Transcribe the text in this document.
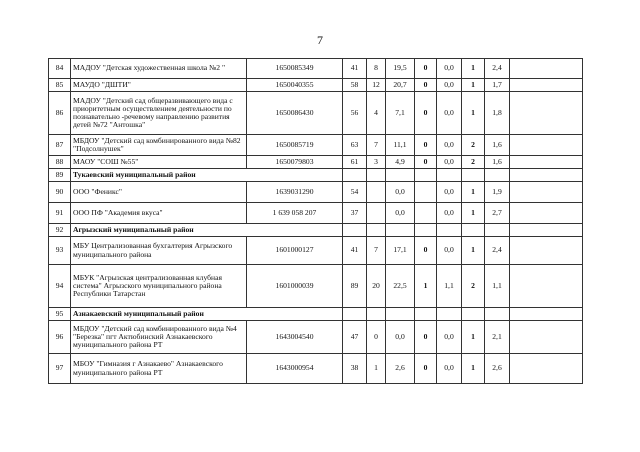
7
84	МАДОУ "Детская художественная школа №2 "	1650085349	41	8	19,5	0	0,0	1	2,4	
85	МАУДО "ДШТИ"	1650040355	58	12	20,7	0	0,0	1	1,7	
86	МАДОУ "Детский сад общеразвивающего вида с приоритетным осуществлением деятельности по познавательно -речевому направлению развития детей №72 "Антошка"	1650086430	56	4	7,1	0	0,0	1	1,8	
87	МБДОУ "Детский сад комбинированного вида №82 "Подсолнушек"	1650085719	63	7	11,1	0	0,0	2	1,6	
88	МАОУ "СОШ №55"	1650079803	61	3	4,9	0	0,0	2	1,6	
89	Тукаевский муниципальный район									
90	ООО "Феникс"	1639031290	54		0,0		0,0	1	1,9	
91	ООО ПФ "Академия вкуса"	1 639 058 207	37		0,0		0,0	1	2,7	
92	Агрызский муниципальный район									
93	МБУ Централизованная бухгалтерия Агрызского муниципального района	1601000127	41	7	17,1	0	0,0	1	2,4	
94	МБУК "Агрызская централизованная клубная система" Агрызского муниципального района Республики Татарстан	1601000039	89	20	22,5	1	1,1	2	1,1	
95	Азнакаевский муниципальный район									
96	МБДОУ "Детский сад комбинированного вида №4 "Березка" пгт Актюбинский Азнакаевского муниципального района РТ	1643004540	47	0	0,0	0	0,0	1	2,1	
97	МБОУ "Гимназия г Азнакаево" Азнакаевского муниципального района РТ	1643000954	38	1	2,6	0	0,0	1	2,6	
